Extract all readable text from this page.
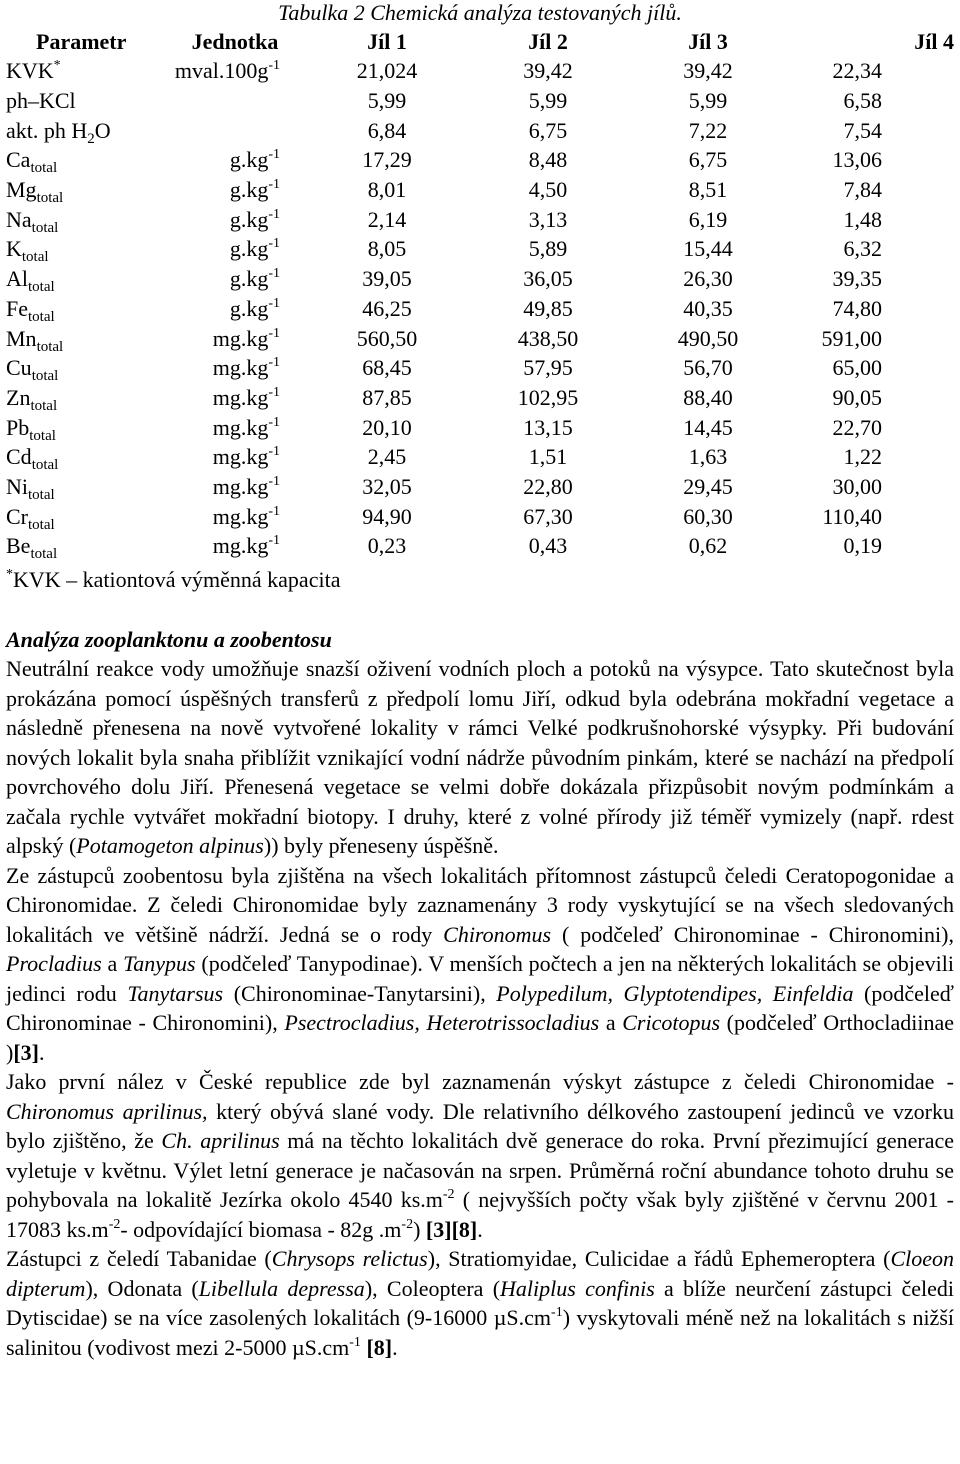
Tabulka 2 Chemická analýza testovaných jílů.
Parametr	Jednotka	Jíl 1	Jíl 2	Jíl 3	Jíl 4
KVK*	$mval.100g^{-1}$	21,024	39,42	39,42	22,34
ph–KCl		5,99	5,99	5,99	6,58
akt. ph $H_2O$		6,84	6,75	7,22	7,54
$Ca_{total}$	$g.kg^{-1}$	17,29	8,48	6,75	13,06
$Mg_{total}$	$g.kg^{-1}$	8,01	4,50	8,51	7,84
$Na_{total}$	$g.kg^{-1}$	2,14	3,13	6,19	1,48
$K_{total}$	$g.kg^{-1}$	8,05	5,89	15,44	6,32
$Al_{total}$	$g.kg^{-1}$	39,05	36,05	26,30	39,35
$Fe_{total}$	$g.kg^{-1}$	46,25	49,85	40,35	74,80
$Mn_{total}$	$mg.kg^{-1}$	560,50	438,50	490,50	591,00
$Cu_{total}$	$mg.kg^{-1}$	68,45	57,95	56,70	65,00
$Zn_{total}$	$mg.kg^{-1}$	87,85	102,95	88,40	90,05
$Pb_{total}$	$mg.kg^{-1}$	20,10	13,15	14,45	22,70
$Cd_{total}$	$mg.kg^{-1}$	2,45	1,51	1,63	1,22
$Ni_{total}$	$mg.kg^{-1}$	32,05	22,80	29,45	30,00
$Cr_{total}$	$mg.kg^{-1}$	94,90	67,30	60,30	110,40
$Be_{total}$	$mg.kg^{-1}$	0,23	0,43	0,62	0,19
*KVK – kationtová výměnná kapacita
Analýza zooplanktonu a zoobentosu

Neutrální reakce vody umožňuje snazší oživení vodních ploch a potoků na výsypce. Tato skutečnost byla prokázána pomocí úspěšných transferů z předpolí lomu Jiří, odkud byla odebrána mokřadní vegetace a následně přenesena na nově vytvořené lokality v rámci Velké podkrušnohorské výsypky. Při budování nových lokalit byla snaha přiblížit vznikající vodní nádrže původním pinkám, které se nachází na předpolí povrchového dolu Jiří. Přenesená vegetace se velmi dobře dokázala přizpůsobit novým podmínkám a začala rychle vytvářet mokřadní biotopy. I druhy, které z volné přírody již téměř vymizely (např. rdest alpský (Potamogeton alpinus)) byly přeneseny úspěšně.

Ze zástupců zoobentosu byla zjištěna na všech lokalitách přítomnost zástupců čeledi Ceratopogonidae a Chironomidae. Z čeledi Chironomidae byly zaznamenány 3 rody vyskytující se na všech sledovaných lokalitách ve většině nádrží. Jedná se o rody Chironomus ( podčeleď Chironominae - Chironomini), Procladius a Tanypus (podčeleď Tanypodinae). V menších počtech a jen na některých lokalitách se objevili jedinci rodu Tanytarsus (Chironominae-Tanytarsini), Polypedilum, Glyptotendipes, Einfeldia (podčeleď Chironominae - Chironomini), Psectrocladius, Heterotrissocladius a Cricotopus (podčeleď Orthocladiinae )[3].

Jako první nález v České republice zde byl zaznamenán výskyt zástupce z čeledi Chironomidae - Chironomus aprilinus, který obývá slané vody. Dle relativního délkového zastoupení jedinců ve vzorku bylo zjištěno, že Ch. aprilinus má na těchto lokalitách dvě generace do roka. První přezimující generace vyletuje v květnu. Výlet letní generace je načasován na srpen. Průměrná roční abundance tohoto druhu se pohybovala na lokalitě Jezírka okolo 4540 $ks.m^{-2}$ ( nejvyšších počty však byly zjištěné v červnu 2001 - 17083 $ks.m^{-2}-$ odpovídající biomasa - 82g $.m^{-2}$) [3][8].

Zástupci z čeledí Tabanidae (Chrysops relictus), Stratiomyidae, Culicidae a řádů Ephemeroptera (Cloeon dipterum), Odonata (Libellula depressa), Coleoptera (Haliplus confinis a blíže neurčení zástupci čeledi Dytiscidae) se na více zasolených lokalitách (9-16000 $\mu S.cm^{-1}$) vyskytovali méně než na lokalitách s nižší salinitou (vodivost mezi 2-5000 $\mu S.cm^{-1}$ [8].
